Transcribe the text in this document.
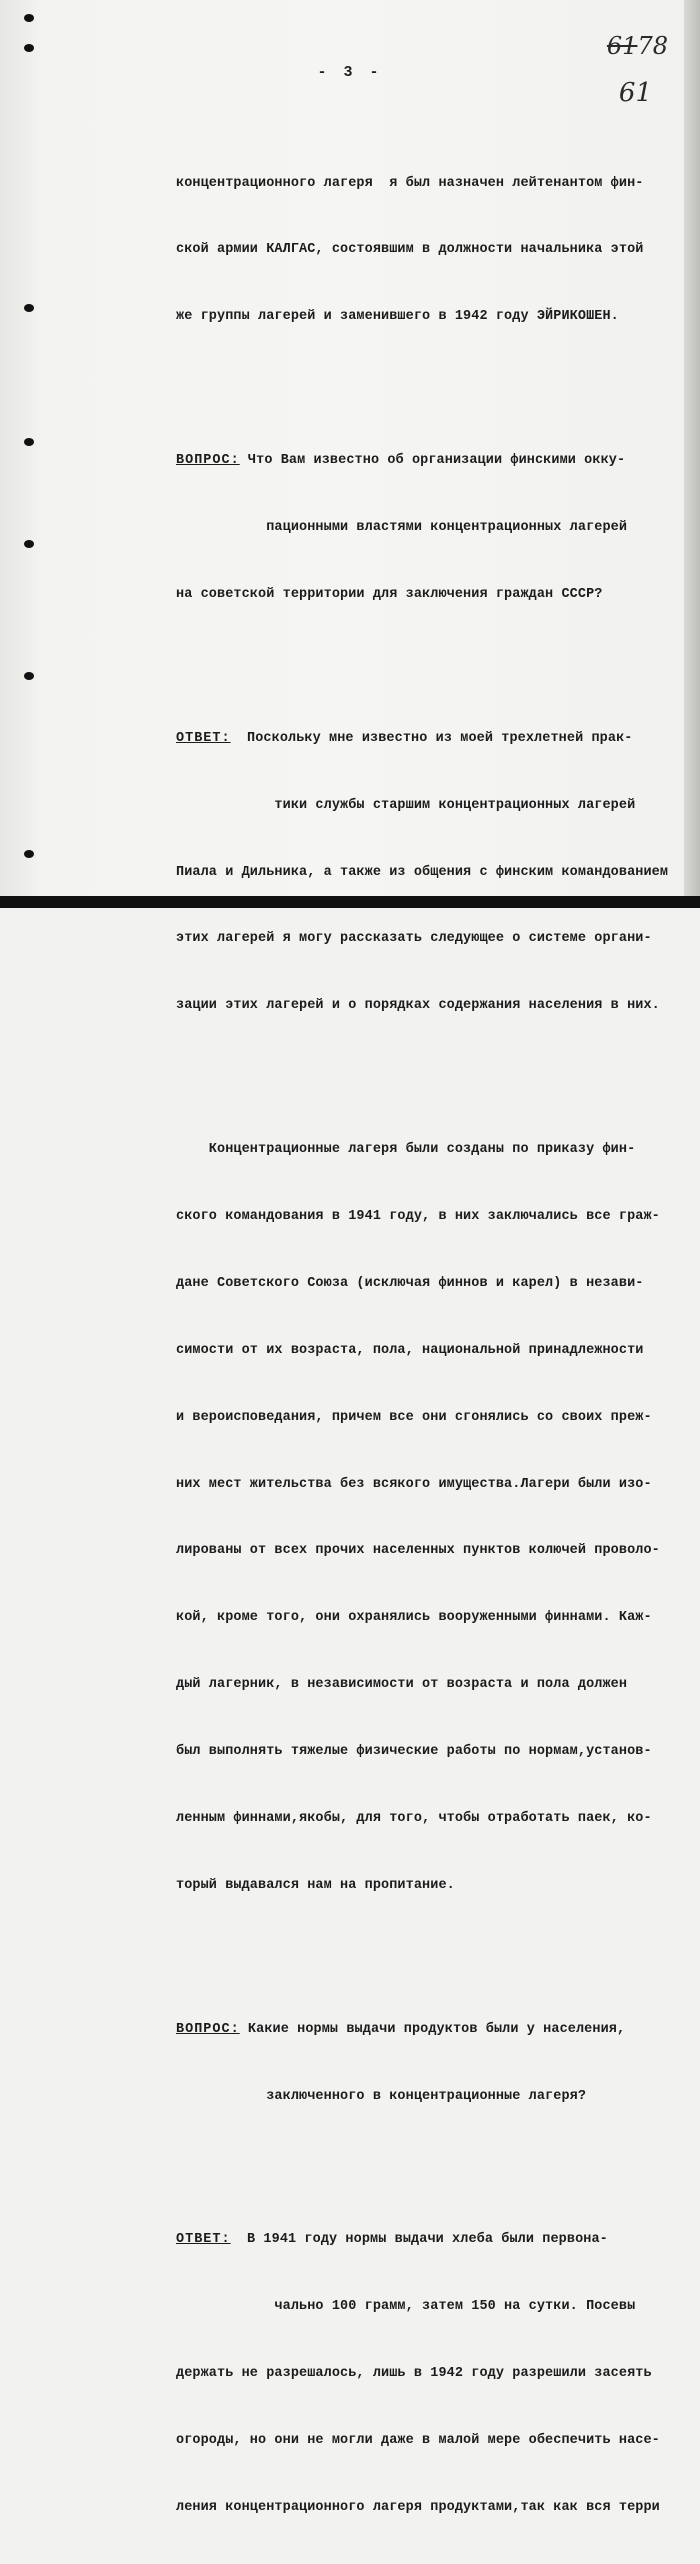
- 3 -
6178
61

концентрационного лагеря  я был назначен лейтенантом фин-

ской армии КАЛГАС, состоявшим в должности начальника этой

же группы лагерей и заменившего в 1942 году ЭЙРИКОШЕН.

ВОПРОС: Что Вам известно об организации финскими окку-

пационными властями концентрационных лагерей

на советской территории для заключения граждан СССР?

ОТВЕТ:  Поскольку мне известно из моей трехлетней прак-

тики службы старшим концентрационных лагерей

Пиала и Дильника, а также из общения с финским командованием

этих лагерей я могу рассказать следующее о системе органи-

зации этих лагерей и о порядках содержания населения в них.

Концентрационные лагеря были созданы по приказу фин-

ского командования в 1941 году, в них заключались все граж-

дане Советского Союза (исключая финнов и карел) в незави-

симости от их возраста, пола, национальной принадлежности

и вероисповедания, причем все они сгонялись со своих преж-

них мест жительства без всякого имущества.Лагери были изо-

лированы от всех прочих населенных пунктов колючей проволо-

кой, кроме того, они охранялись вооруженными финнами. Каж-

дый лагерник, в независимости от возраста и пола должен

был выполнять тяжелые физические работы по нормам,установ-

ленным финнами,якобы, для того, чтобы отработать паек, ко-

торый выдавался нам на пропитание.

ВОПРОС: Какие нормы выдачи продуктов были у населения,

заключенного в концентрационные лагеря?

ОТВЕТ:  В 1941 году нормы выдачи хлеба были первона-

чально 100 грамм, затем 150 на сутки. Посевы

держать не разрешалось, лишь в 1942 году разрешили засеять

огороды, но они не могли даже в малой мере обеспечить насе-

ления концентрационного лагеря продуктами,так как вся терри
